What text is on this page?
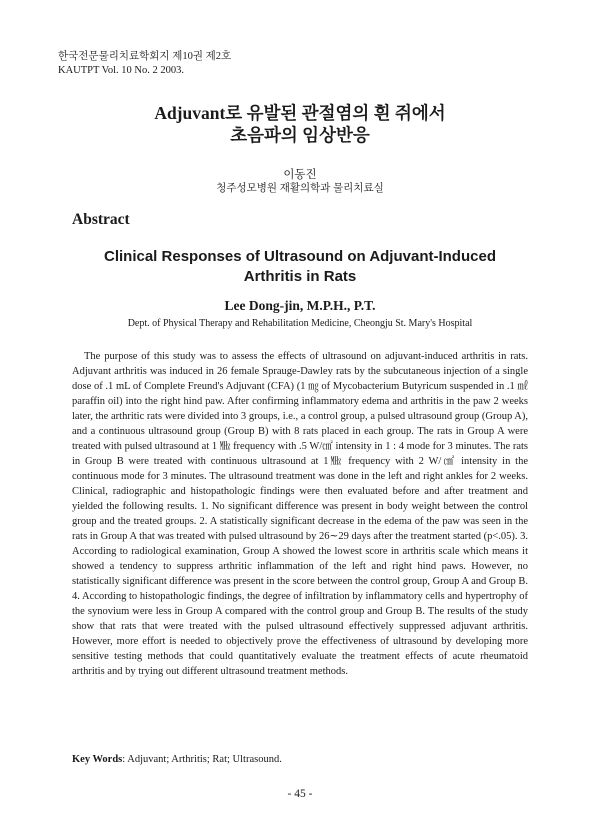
한국전문물리치료학회지 제10권 제2호
KAUTPT Vol. 10 No. 2 2003.
Adjuvant로 유발된 관절염의 흰 쥐에서
초음파의 임상반응
이동진
청주성모병원 재활의학과 물리치료실
Abstract
Clinical Responses of Ultrasound on Adjuvant-Induced
Arthritis in Rats
Lee Dong-jin, M.P.H., P.T.
Dept. of Physical Therapy and Rehabilitation Medicine, Cheongju St. Mary's Hospital

The purpose of this study was to assess the effects of ultrasound on adjuvant-induced arthritis in rats. Adjuvant arthritis was induced in 26 female Sprauge-Dawley rats by the subcutaneous injection of a single dose of .1 mL of Complete Freund's Adjuvant (CFA) (1 ㎎ of Mycobacterium Butyricum suspended in .1 ㎖ paraffin oil) into the right hind paw. After confirming inflammatory edema and arthritis in the paw 2 weeks later, the arthritic rats were divided into 3 groups, i.e., a control group, a pulsed ultrasound group (Group A), and a continuous ultrasound group (Group B) with 8 rats placed in each group. The rats in Group A were treated with pulsed ultrasound at 1 ㎒ frequency with .5 W/㎠ intensity in 1 : 4 mode for 3 minutes. The rats in Group B were treated with continuous ultrasound at 1㎒ frequency with 2 W/㎠ intensity in the continuous mode for 3 minutes. The ultrasound treatment was done in the left and right ankles for 2 weeks. Clinical, radiographic and histopathologic findings were then evaluated before and after treatment and yielded the following results. 1. No significant difference was present in body weight between the control group and the treated groups. 2. A statistically significant decrease in the edema of the paw was seen in the rats in Group A that was treated with pulsed ultrasound by 26∼29 days after the treatment started (p<.05). 3. According to radiological examination, Group A showed the lowest score in arthritis scale which means it showed a tendency to suppress arthritic inflammation of the left and right hind paws. However, no statistically significant difference was present in the score between the control group, Group A and Group B. 4. According to histopathologic findings, the degree of infiltration by inflammatory cells and hypertrophy of the synovium were less in Group A compared with the control group and Group B. The results of the study show that rats that were treated with the pulsed ultrasound effectively suppressed adjuvant arthritis. However, more effort is needed to objectively prove the effectiveness of ultrasound by developing more sensitive testing methods that could quantitatively evaluate the treatment effects of acute rheumatoid arthritis and by trying out different ultrasound treatment methods.

Key Words: Adjuvant; Arthritis; Rat; Ultrasound.
- 45 -
